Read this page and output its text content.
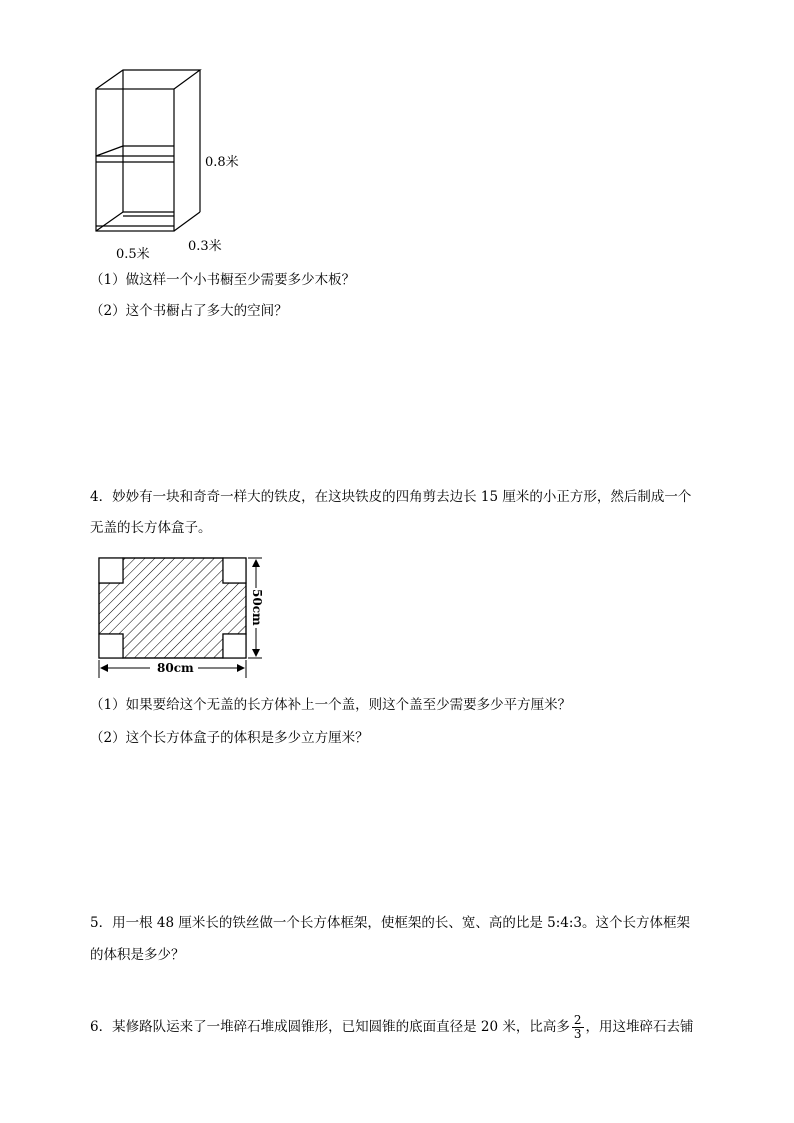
0.8米
0.5米
0.3米
（1）做这样一个小书橱至少需要多少木板？
（2）这个书橱占了多大的空间？
4．妙妙有一块和奇奇一样大的铁皮，在这块铁皮的四角剪去边长 15 厘米的小正方形，然后制成一个
无盖的长方体盒子。
80cm
50cm
（1）如果要给这个无盖的长方体补上一个盖，则这个盖至少需要多少平方厘米？
（2）这个长方体盒子的体积是多少立方厘米？
5．用一根 48 厘米长的铁丝做一个长方体框架，使框架的长、宽、高的比是 5:4:3。这个长方体框架
的体积是多少？
6．某修路队运来了一堆碎石堆成圆锥形，已知圆锥的底面直径是 20 米，比高多 $\frac{2}{3}$ ，用这堆碎石去铺
